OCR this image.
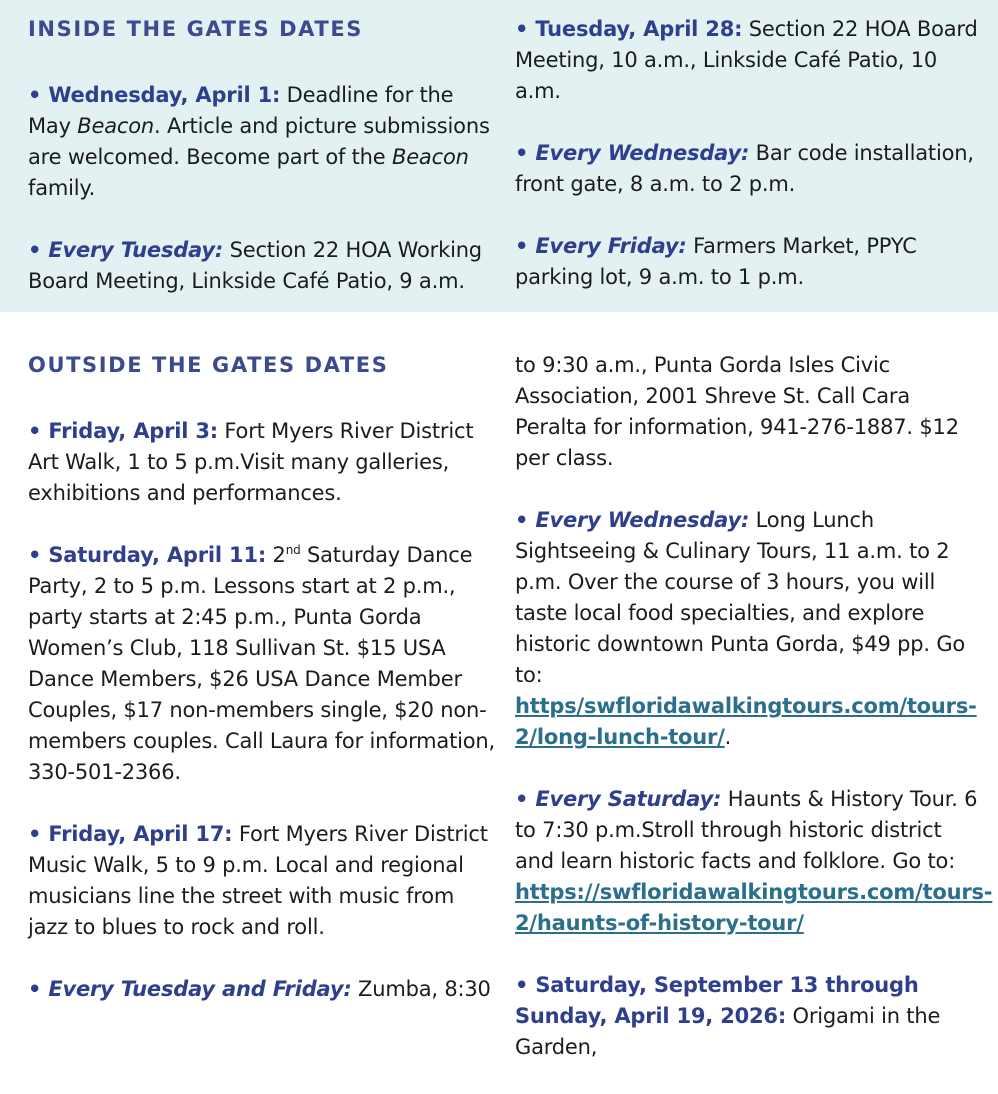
INSIDE THE GATES DATES

• Wednesday, April 1: Deadline for the May Beacon. Article and picture submissions are welcomed. Become part of the Beacon family.

• Every Tuesday: Section 22 HOA Working Board Meeting, Linkside Café Patio, 9 a.m.

• Tuesday, April 28: Section 22 HOA Board Meeting, 10 a.m., Linkside Café Patio, 10 a.m.

• Every Wednesday: Bar code installation, front gate, 8 a.m. to 2 p.m.

• Every Friday: Farmers Market, PPYC parking lot, 9 a.m. to 1 p.m.

OUTSIDE THE GATES DATES

• Friday, April 3: Fort Myers River District Art Walk, 1 to 5 p.m.Visit many galleries, exhibitions and performances.

• Saturday, April 11: 2nd Saturday Dance Party, 2 to 5 p.m. Lessons start at 2 p.m., party starts at 2:45 p.m., Punta Gorda Women’s Club, 118 Sullivan St. $15 USA Dance Members, $26 USA Dance Member Couples, $17 non-members single, $20 non-members couples. Call Laura for information, 330-501-2366.

• Friday, April 17: Fort Myers River District Music Walk, 5 to 9 p.m. Local and regional musicians line the street with music from jazz to blues to rock and roll.

• Every Tuesday and Friday: Zumba, 8:30

to 9:30 a.m., Punta Gorda Isles Civic Association, 2001 Shreve St. Call Cara Peralta for information, 941-276-1887. $12 per class.

• Every Wednesday: Long Lunch Sightseeing & Culinary Tours, 11 a.m. to 2 p.m. Over the course of 3 hours, you will taste local food specialties, and explore historic downtown Punta Gorda, $49 pp. Go to: https/swfloridawalkingtours.com/tours-2/long-lunch-tour/.

• Every Saturday: Haunts & History Tour. 6 to 7:30 p.m.Stroll through historic district and learn historic facts and folklore. Go to: https://swfloridawalkingtours.com/tours-2/haunts-of-history-tour/

• Saturday, September 13 through Sunday, April 19, 2026: Origami in the Garden,
